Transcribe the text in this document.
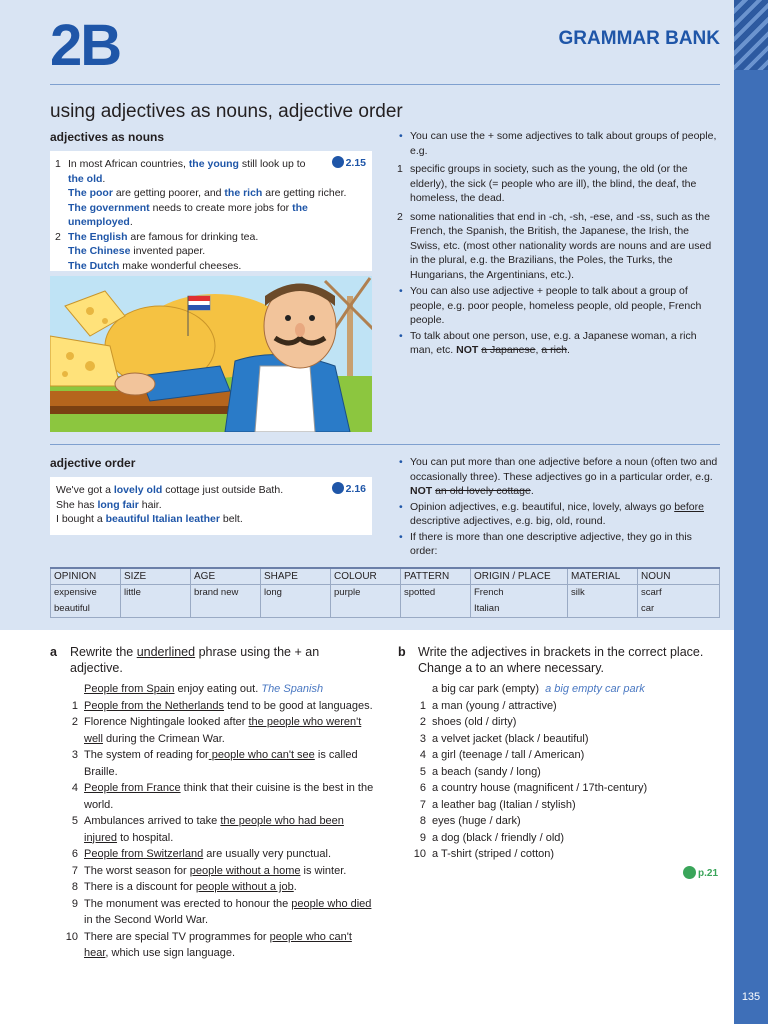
135
2B	GRAMMAR BANK
using adjectives as nouns, adjective order
adjectives as nouns
2.15
1 In most African countries, the young still look up to the old.
The poor are getting poorer, and the rich are getting richer.
The government needs to create more jobs for the unemployed.
2 The English are famous for drinking tea.
The Chinese invented paper.
The Dutch make wonderful cheeses.
• You can use the + some adjectives to talk about groups of people, e.g.
1 specific groups in society, such as the young, the old (or the elderly), the sick (= people who are ill), the blind, the deaf, the homeless, the dead.
2 some nationalities that end in -ch, -sh, -ese, and -ss, such as the French, the Spanish, the British, the Japanese, the Irish, the Swiss, etc. (most other nationality words are nouns and are used in the plural, e.g. the Brazilians, the Poles, the Turks, the Hungarians, the Argentinians, etc.).
• You can also use adjective + people to talk about a group of people, e.g. poor people, homeless people, old people, French people.
• To talk about one person, use, e.g. a Japanese woman, a rich man, etc. NOT a Japanese, a rich.
adjective order
2.16
We've got a lovely old cottage just outside Bath.
She has long fair hair.
I bought a beautiful Italian leather belt.
• You can put more than one adjective before a noun (often two and occasionally three). These adjectives go in a particular order, e.g. NOT an old lovely cottage.
• Opinion adjectives, e.g. beautiful, nice, lovely, always go before descriptive adjectives, e.g. big, old, round.
• If there is more than one descriptive adjective, they go in this order:
OPINION	SIZE	AGE	SHAPE	COLOUR	PATTERN	ORIGIN / PLACE	MATERIAL	NOUN
expensive	little	brand new	long	purple	spotted	French	silk	scarf
beautiful						Italian		car
a Rewrite the underlined phrase using the + an adjective.
People from Spain enjoy eating out. The Spanish
1 People from the Netherlands tend to be good at languages.
2 Florence Nightingale looked after the people who weren't well during the Crimean War.
3 The system of reading for people who can't see is called Braille.
4 People from France think that their cuisine is the best in the world.
5 Ambulances arrived to take the people who had been injured to hospital.
6 People from Switzerland are usually very punctual.
7 The worst season for people without a home is winter.
8 There is a discount for people without a job.
9 The monument was erected to honour the people who died in the Second World War.
10 There are special TV programmes for people who can't hear, which use sign language.
b Write the adjectives in brackets in the correct place. Change a to an where necessary.
a big car park (empty) a big empty car park
1 a man (young / attractive)
2 shoes (old / dirty)
3 a velvet jacket (black / beautiful)
4 a girl (teenage / tall / American)
5 a beach (sandy / long)
6 a country house (magnificent / 17th-century)
7 a leather bag (Italian / stylish)
8 eyes (huge / dark)
9 a dog (black / friendly / old)
10 a T-shirt (striped / cotton)
p.21
